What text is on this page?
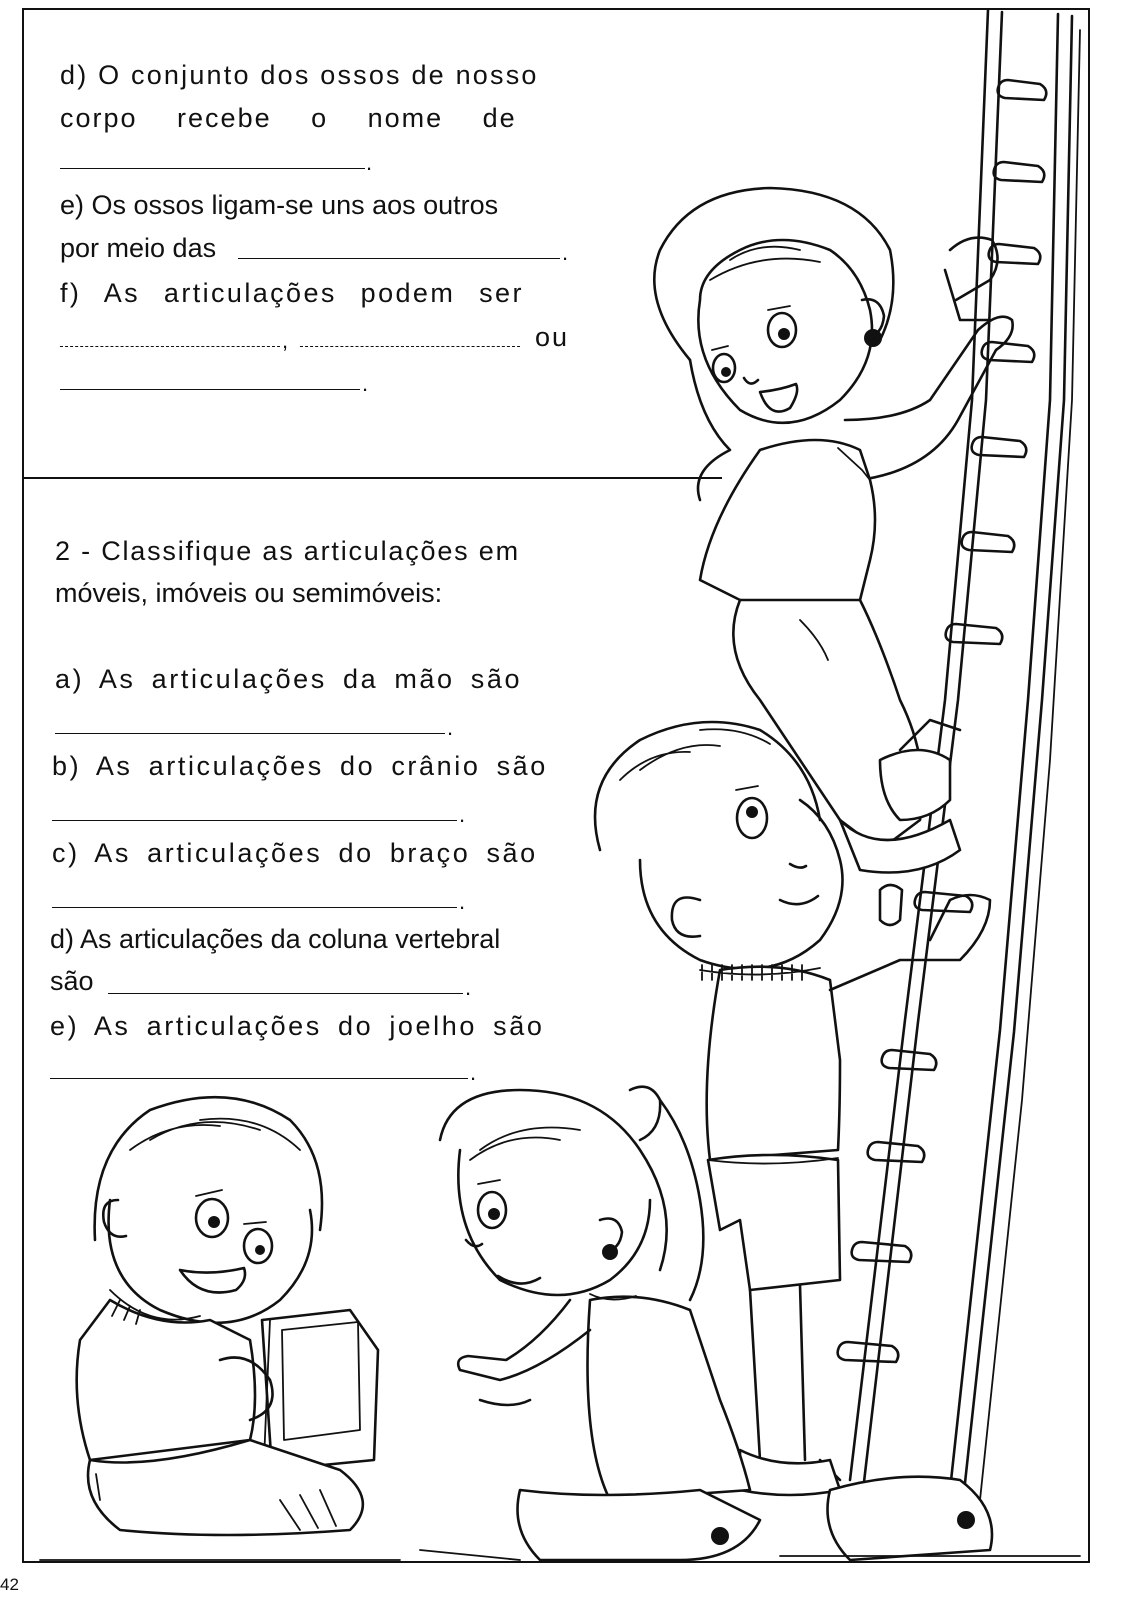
d) O conjunto dos ossos de nosso
corpo recebe o nome de
.
e) Os ossos ligam-se uns aos outros
por meio das	.
f) As articulações podem ser
,	ou
.
2 - Classifique as articulações em
móveis, imóveis ou semimóveis:
a) As articulações da mão são
.
b) As articulações do crânio são
.
c) As articulações do braço são
.
d) As articulações da coluna vertebral
são	.
e) As articulações do joelho são
.
42
